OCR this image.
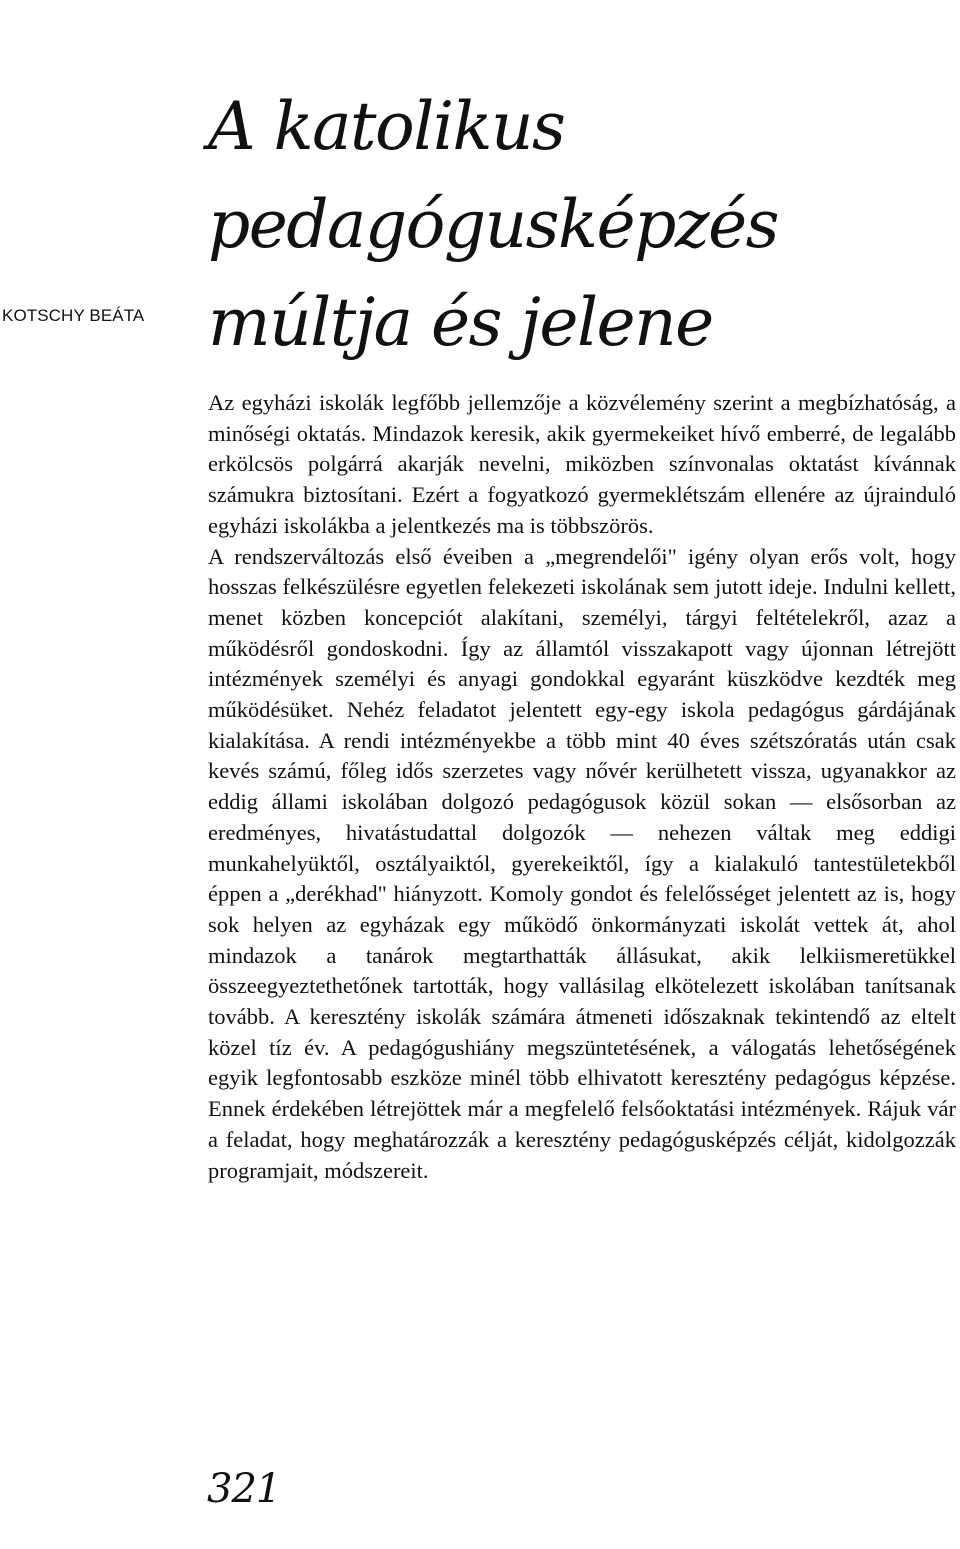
KOTSCHY BEÁTA
A katolikus
pedagógusképzés
múltja és jelene

Az egyházi iskolák legfőbb jellemzője a közvélemény szerint a megbízhatóság, a minőségi oktatás. Mindazok keresik, akik gyermekeiket hívő emberré, de legalább erkölcsös polgárrá akarják nevelni, miközben színvonalas oktatást kívánnak számukra biztosítani. Ezért a fogyatkozó gyermeklétszám ellenére az újrainduló egyházi iskolákba a jelentkezés ma is többszörös.

A rendszerváltozás első éveiben a „megrendelői" igény olyan erős volt, hogy hosszas felkészülésre egyetlen felekezeti iskolának sem jutott ideje. Indulni kellett, menet közben koncepciót alakítani, személyi, tárgyi feltételekről, azaz a működésről gondoskodni. Így az államtól visszakapott vagy újonnan létrejött intézmények személyi és anyagi gondokkal egyaránt küszködve kezdték meg működésüket. Nehéz feladatot jelentett egy-egy iskola pedagógus gárdájának kialakítása. A rendi intézményekbe a több mint 40 éves szétszóratás után csak kevés számú, főleg idős szerzetes vagy nővér kerülhetett vissza, ugyanakkor az eddig állami iskolában dolgozó pedagógusok közül sokan — elsősorban az eredményes, hivatástudattal dolgozók — nehezen váltak meg eddigi munkahelyüktől, osztályaiktól, gyerekeiktől, így a kialakuló tantestületekből éppen a „derékhad" hiányzott. Komoly gondot és felelősséget jelentett az is, hogy sok helyen az egyházak egy működő önkormányzati iskolát vettek át, ahol mindazok a tanárok megtarthatták állásukat, akik lelkiismeretükkel összeegyeztethetőnek tartották, hogy vallásilag elkötelezett iskolában tanítsanak tovább. A keresztény iskolák számára átmeneti időszaknak tekintendő az eltelt közel tíz év. A pedagógushiány megszüntetésének, a válogatás lehetőségének egyik legfontosabb eszköze minél több elhivatott keresztény pedagógus képzése. Ennek érdekében létrejöttek már a megfelelő felsőoktatási intézmények. Rájuk vár a feladat, hogy meghatározzák a keresztény pedagógusképzés célját, kidolgozzák programjait, módszereit.

321
